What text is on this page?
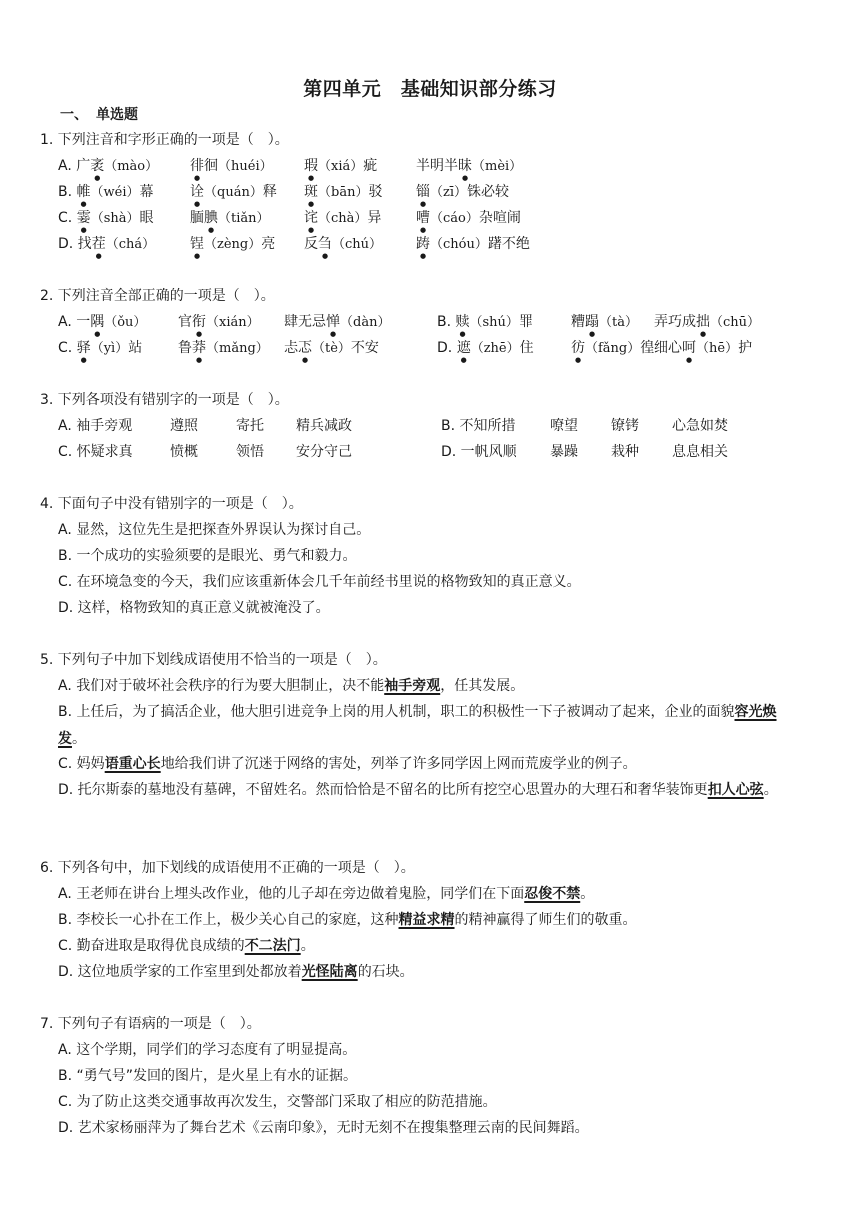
第四单元　基础知识部分练习
一、 单选题
1. 下列注音和字形正确的一项是（　）。
A. 广袤（mào） 徘徊（huéi） 瑕（xiá）疵	半明半昧（mèi）
B. 帷（wéi）幕	诠（quán）释 斑（bān）驳 锱（zī）铢必较
C. 霎（shà）眼	腼腆（tiǎn） 诧（chà）异 嘈（cáo）杂喧闹
D. 找茬（chá） 锃（zèng）亮 反刍（chú） 踌（chóu）躇不绝
2. 下列注音全部正确的一项是（　）。
A. 一隅（ǒu） 官衔（xián） 肆无忌惮（dàn）	B. 赎（shú）罪	糟蹋（tà） 弄巧成拙（chū）
C. 驿（yì）站	鲁莽（mǎng） 忐忑（tè）不安	D. 遮（zhē）住	彷（fǎng）徨 细心呵（hē）护
3. 下列各项没有错别字的一项是（　）。
A. 袖手旁观	遵照	寄托 精兵减政	B. 不知所措 嘹望 镣铐 心急如焚
C. 怀疑求真	愤概	领悟 安分守己	D. 一帆风顺 暴躁 栽种 息息相关
4. 下面句子中没有错别字的一项是（　）。
A. 显然，这位先生是把探查外界误认为探讨自己。
B. 一个成功的实验须要的是眼光、勇气和毅力。
C. 在环境急变的今天，我们应该重新体会几千年前经书里说的格物致知的真正意义。
D. 这样，格物致知的真正意义就被淹没了。
5. 下列句子中加下划线成语使用不恰当的一项是（　）。
A. 我们对于破坏社会秩序的行为要大胆制止，决不能袖手旁观，任其发展。
B. 上任后，为了搞活企业，他大胆引进竞争上岗的用人机制，职工的积极性一下子被调动了起来，企业的面貌容光焕发。
C. 妈妈语重心长地给我们讲了沉迷于网络的害处，列举了许多同学因上网而荒废学业的例子。
D. 托尔斯泰的墓地没有墓碑，不留姓名。然而恰恰是不留名的比所有挖空心思置办的大理石和奢华装饰更扣人心弦。
6. 下列各句中，加下划线的成语使用不正确的一项是（　）。
A. 王老师在讲台上埋头改作业，他的儿子却在旁边做着鬼脸，同学们在下面忍俊不禁。
B. 李校长一心扑在工作上，极少关心自己的家庭，这种精益求精的精神赢得了师生们的敬重。
C. 勤奋进取是取得优良成绩的不二法门。
D. 这位地质学家的工作室里到处都放着光怪陆离的石块。
7. 下列句子有语病的一项是（　）。
A. 这个学期，同学们的学习态度有了明显提高。
B. “勇气号”发回的图片，是火星上有水的证据。
C. 为了防止这类交通事故再次发生，交警部门采取了相应的防范措施。
D. 艺术家杨丽萍为了舞台艺术《云南印象》，无时无刻不在搜集整理云南的民间舞蹈。
